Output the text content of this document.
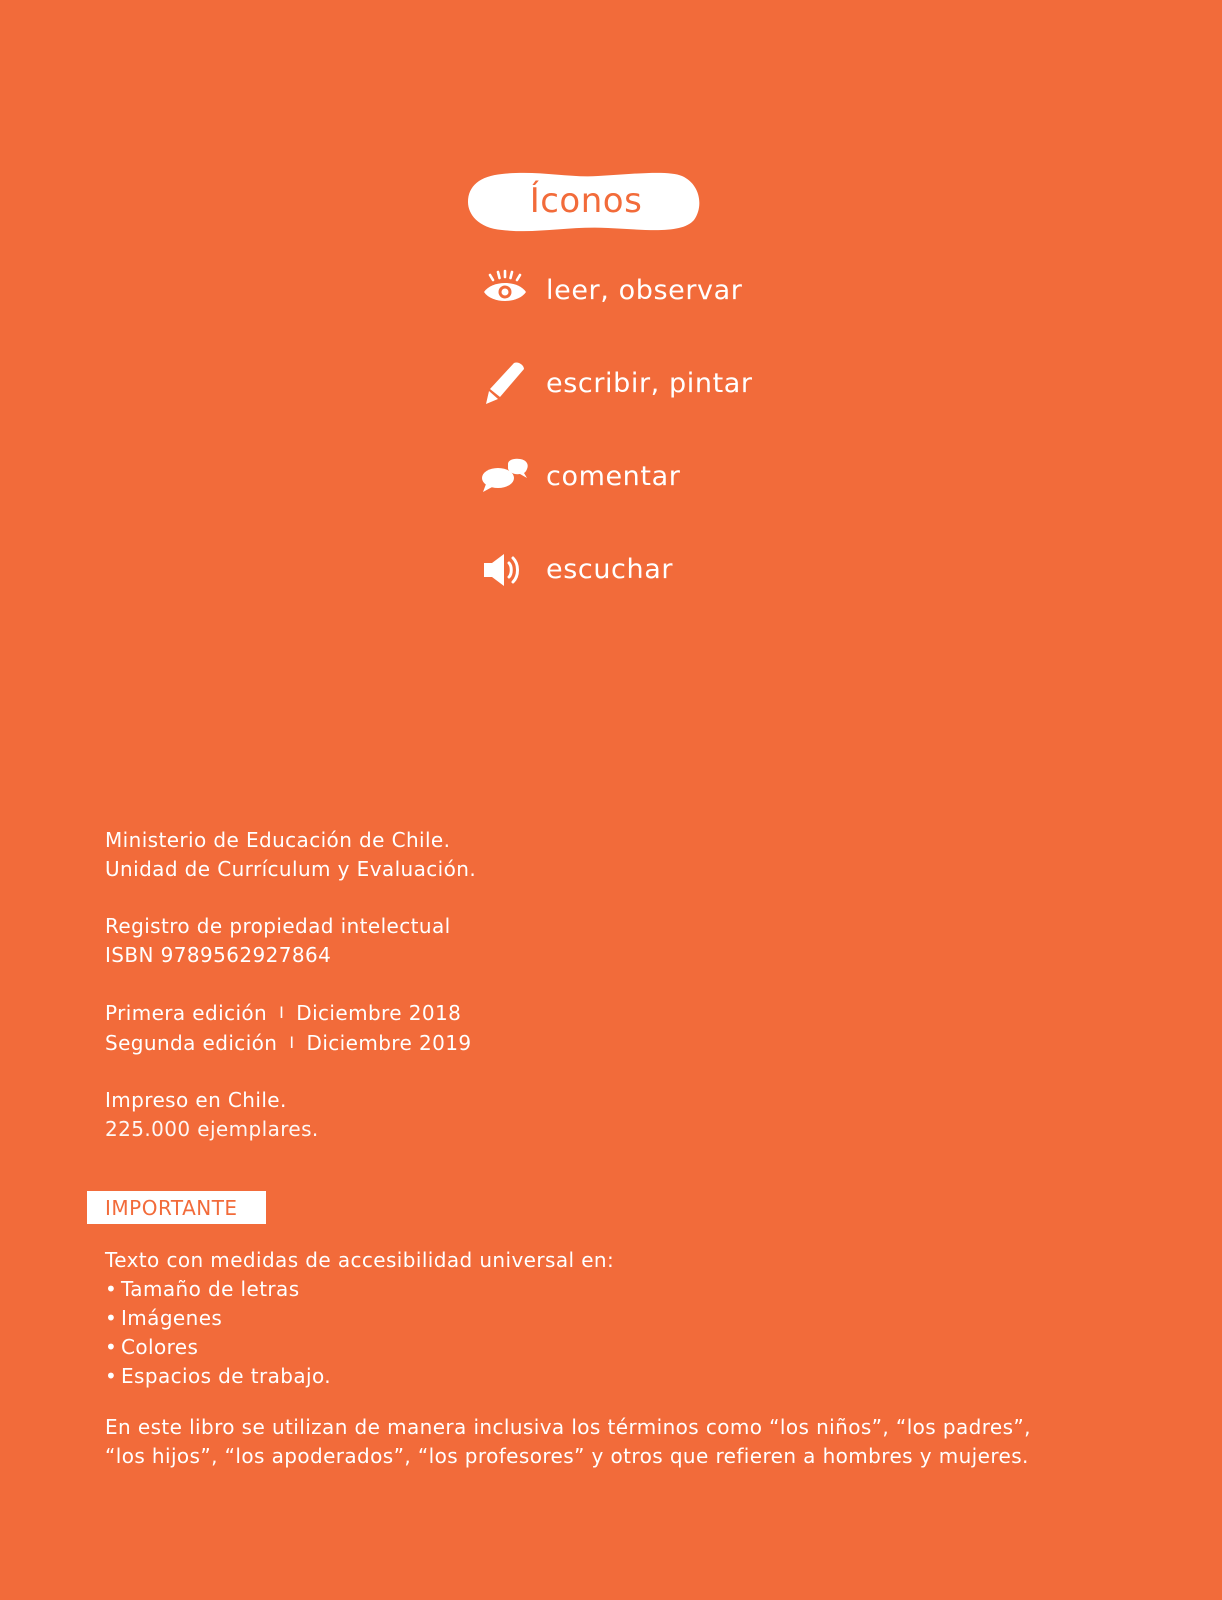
Íconos
leer, observar
escribir, pintar
comentar
escuchar
Ministerio de Educación de Chile.
Unidad de Currículum y Evaluación.
Registro de propiedad intelectual
ISBN 9789562927864
Primera edición I Diciembre 2018
Segunda edición I Diciembre 2019
Impreso en Chile.
225.000 ejemplares.
IMPORTANTE
Texto con medidas de accesibilidad universal en:
• Tamaño de letras
• Imágenes
• Colores
• Espacios de trabajo.
En este libro se utilizan de manera inclusiva los términos como “los niños”, “los padres”,
“los hijos”, “los apoderados”, “los profesores” y otros que refieren a hombres y mujeres.
